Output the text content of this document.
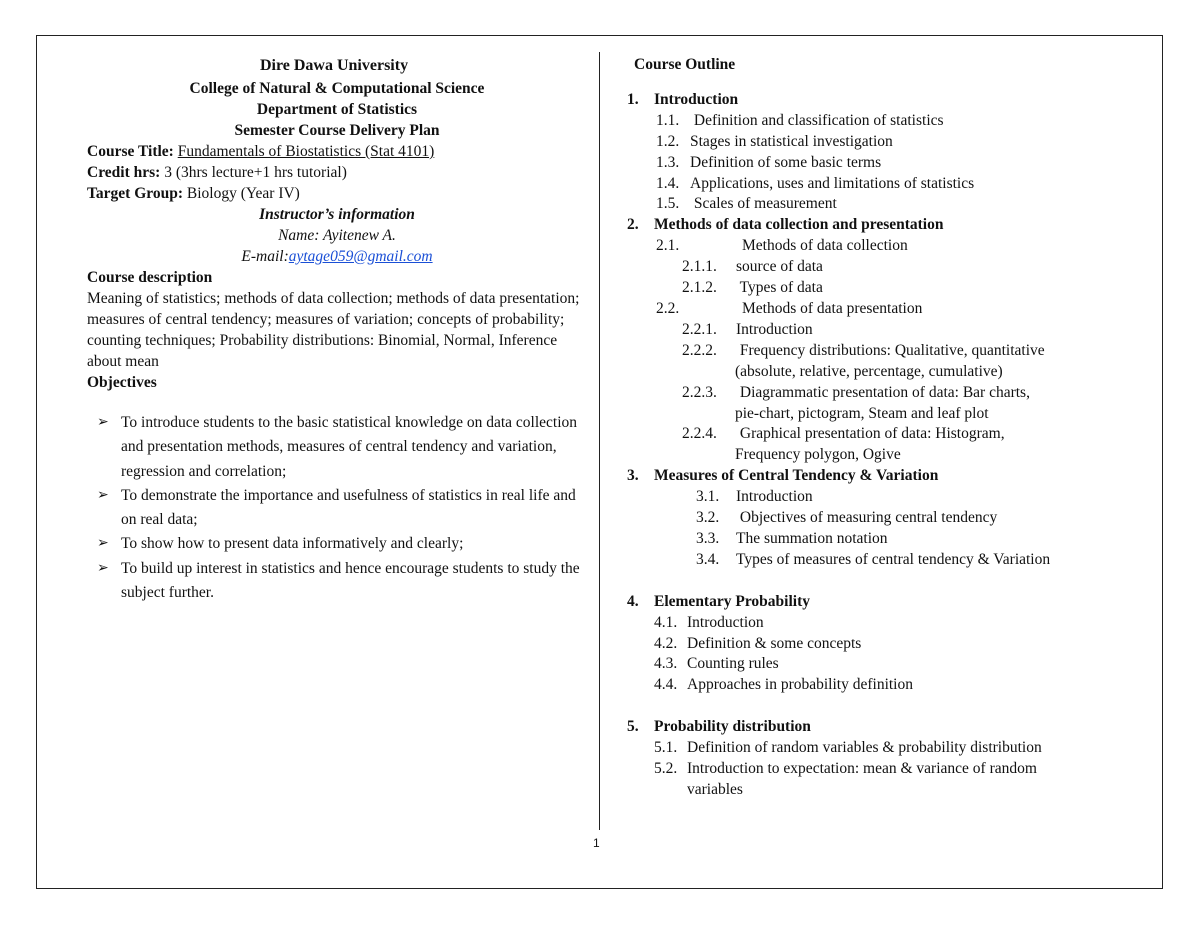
Dire Dawa University
College of Natural & Computational Science
Department of Statistics
Semester Course Delivery Plan
Course Title: Fundamentals of Biostatistics (Stat 4101)
Credit hrs: 3 (3hrs lecture+1 hrs tutorial)
Target Group: Biology (Year IV)
Instructor’s information
Name: Ayitenew A.
E-mail:aytage059@gmail.com
Course description

Meaning of statistics; methods of data collection; methods of data presentation; measures of central tendency; measures of variation; concepts of probability; counting techniques; Probability distributions: Binomial, Normal, Inference about mean

Objectives
➢ To introduce students to the basic statistical knowledge on data collection and presentation methods, measures of central tendency and variation, regression and correlation;
➢ To demonstrate the importance and usefulness of statistics in real life and on real data;
➢ To show how to present data informatively and clearly;
➢ To build up interest in statistics and hence encourage students to study the subject further.
Course Outline
1. Introduction
1.1. Definition and classification of statistics
1.2. Stages in statistical investigation
1.3. Definition of some basic terms
1.4. Applications, uses and limitations of statistics
1.5. Scales of measurement
2. Methods of data collection and presentation
2.1.	Methods of data collection
2.1.1. source of data
2.1.2. Types of data
2.2.	Methods of data presentation
2.2.1. Introduction
2.2.2. Frequency distributions: Qualitative, quantitative
(absolute, relative, percentage, cumulative)
2.2.3. Diagrammatic presentation of data: Bar charts,
pie-chart, pictogram, Steam and leaf plot
2.2.4. Graphical presentation of data: Histogram,
Frequency polygon, Ogive
3. Measures of Central Tendency & Variation
3.1. Introduction
3.2. Objectives of measuring central tendency
3.3. The summation notation
3.4. Types of measures of central tendency & Variation
4. Elementary Probability
4.1. Introduction
4.2. Definition & some concepts
4.3. Counting rules
4.4. Approaches in probability definition
5. Probability distribution
5.1. Definition of random variables & probability distribution
5.2. Introduction to expectation: mean & variance of random
variables
1
